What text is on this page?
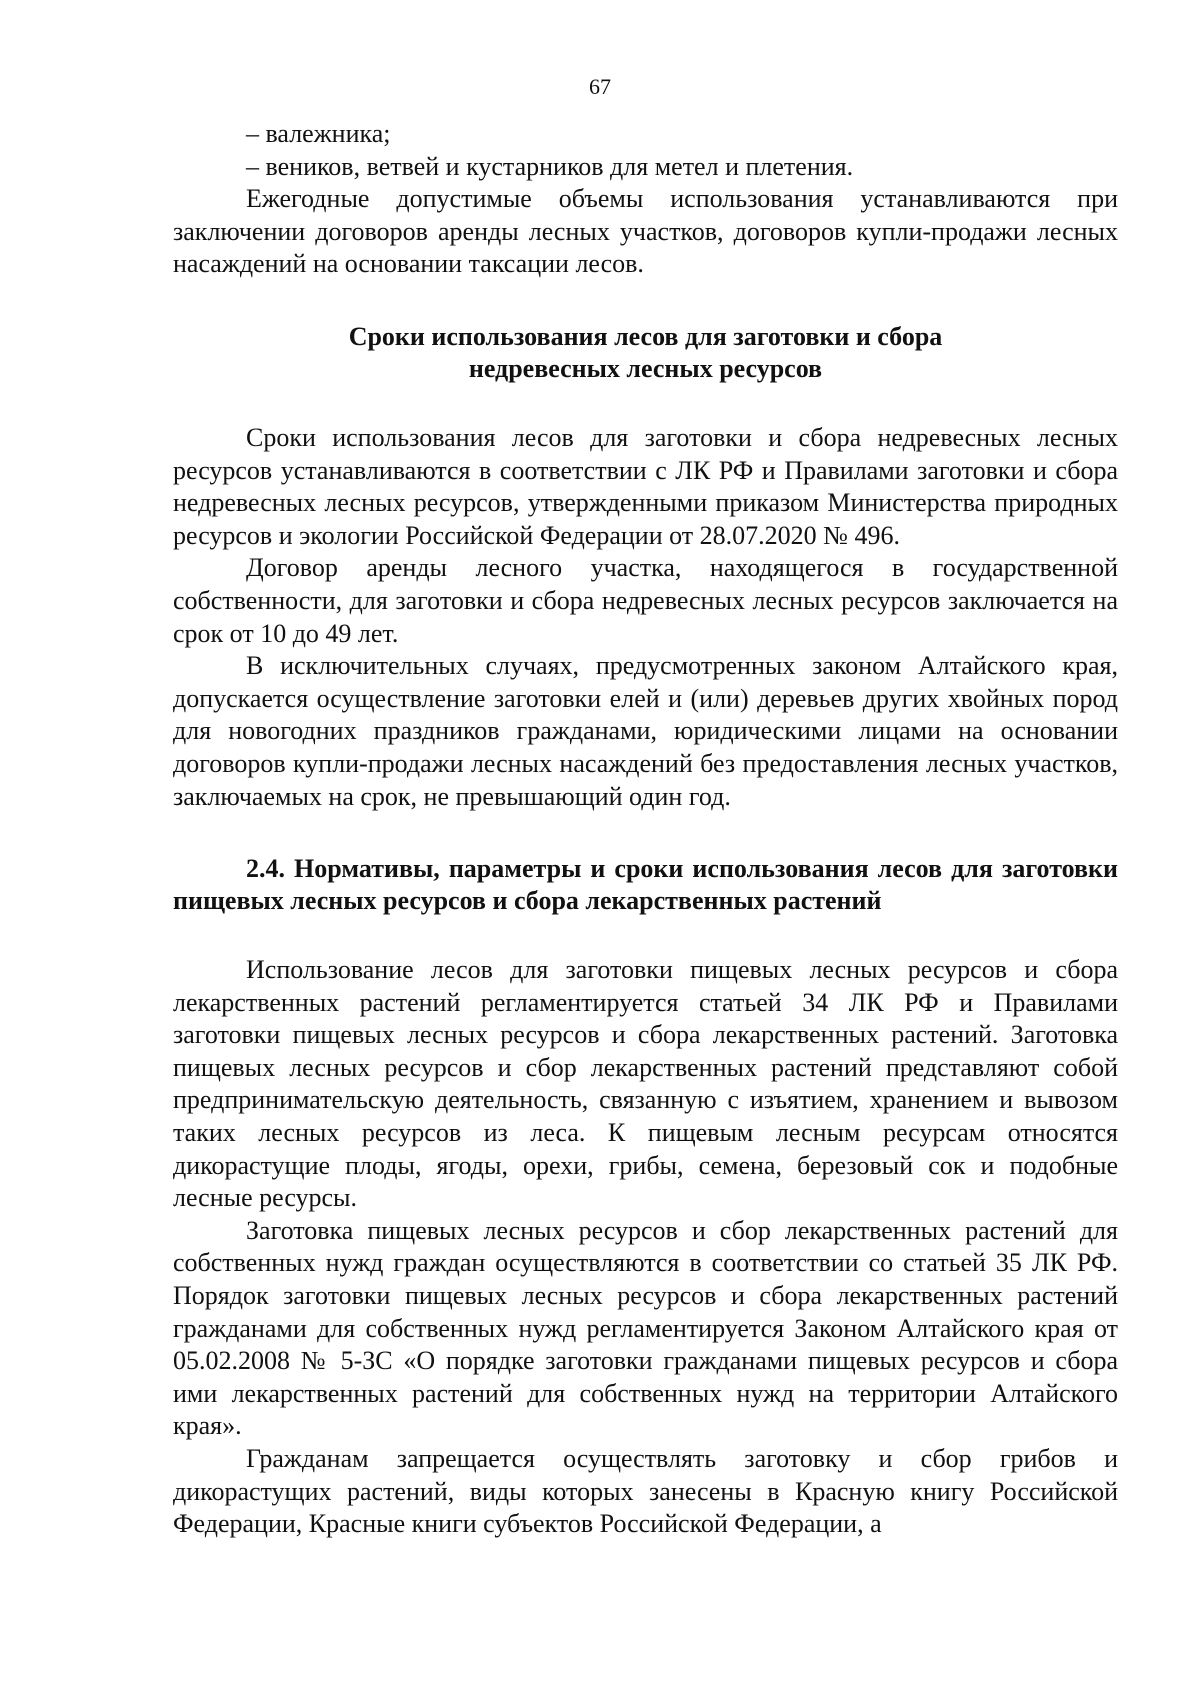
67

– валежника;

– веников, ветвей и кустарников для метел и плетения.

Ежегодные допустимые объемы использования устанавливаются при заключении договоров аренды лесных участков, договоров купли-продажи лесных насаждений на основании таксации лесов.

Сроки использования лесов для заготовки и сбора
недревесных лесных ресурсов

Сроки использования лесов для заготовки и сбора недревесных лесных ресурсов устанавливаются в соответствии с ЛК РФ и Правилами заготовки и сбора недревесных лесных ресурсов, утвержденными приказом Министерства природных ресурсов и экологии Российской Федерации от 28.07.2020 № 496.

Договор аренды лесного участка, находящегося в государственной собственности, для заготовки и сбора недревесных лесных ресурсов заключается на срок от 10 до 49 лет.

В исключительных случаях, предусмотренных законом Алтайского края, допускается осуществление заготовки елей и (или) деревьев других хвойных пород для новогодних праздников гражданами, юридическими лицами на основании договоров купли-продажи лесных насаждений без предоставления лесных участков, заключаемых на срок, не превышающий один год.

2.4. Нормативы, параметры и сроки использования лесов для заготовки пищевых лесных ресурсов и сбора лекарственных растений

Использование лесов для заготовки пищевых лесных ресурсов и сбора лекарственных растений регламентируется статьей 34 ЛК РФ и Правилами заготовки пищевых лесных ресурсов и сбора лекарственных растений. Заготовка пищевых лесных ресурсов и сбор лекарственных растений представляют собой предпринимательскую деятельность, связанную с изъятием, хранением и вывозом таких лесных ресурсов из леса. К пищевым лесным ресурсам относятся дикорастущие плоды, ягоды, орехи, грибы, семена, березовый сок и подобные лесные ресурсы.

Заготовка пищевых лесных ресурсов и сбор лекарственных растений для собственных нужд граждан осуществляются в соответствии со статьей 35 ЛК РФ. Порядок заготовки пищевых лесных ресурсов и сбора лекарственных растений гражданами для собственных нужд регламентируется Законом Алтайского края от 05.02.2008 № 5-ЗС «О порядке заготовки гражданами пищевых ресурсов и сбора ими лекарственных растений для собственных нужд на территории Алтайского края».

Гражданам запрещается осуществлять заготовку и сбор грибов и дикорастущих растений, виды которых занесены в Красную книгу Российской Федерации, Красные книги субъектов Российской Федерации, а
